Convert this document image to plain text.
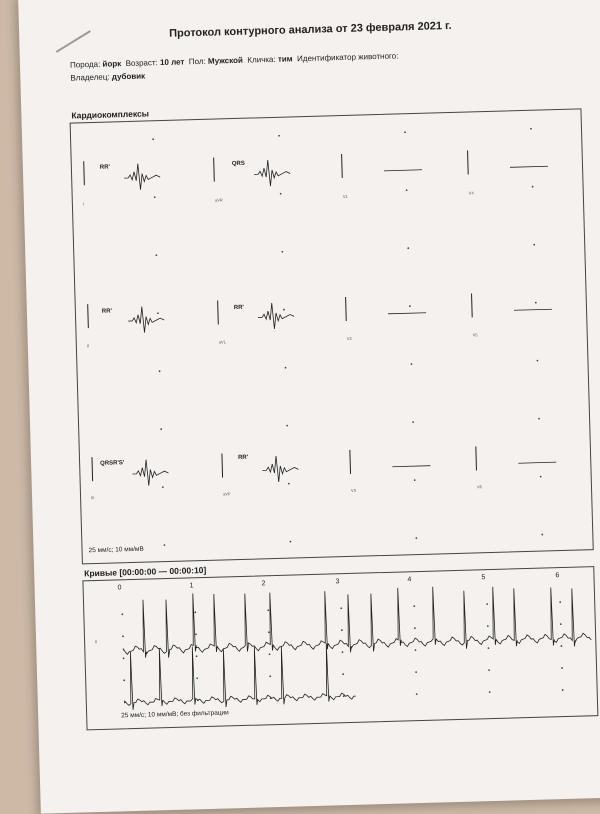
Протокол контурного анализа от 23 февраля 2021 г.
Порода: йорк Возраст: 10 лет Пол: Мужской Кличка: тим Идентификатор животного:
Владелец: дубовик
Кардиокомплексы
I
aVR
V1
V4
II
aVL
V2
V5
III
aVF
V3
V6
RR'
QRS
RR'
RR'
QRSR'S'
RR'
25 мм/с; 10 мм/мВ
Кривые [00:00:00 — 00:00:10]
0	1	2	3	4	5	6
II
25 мм/с; 10 мм/мВ; без фильтрации
